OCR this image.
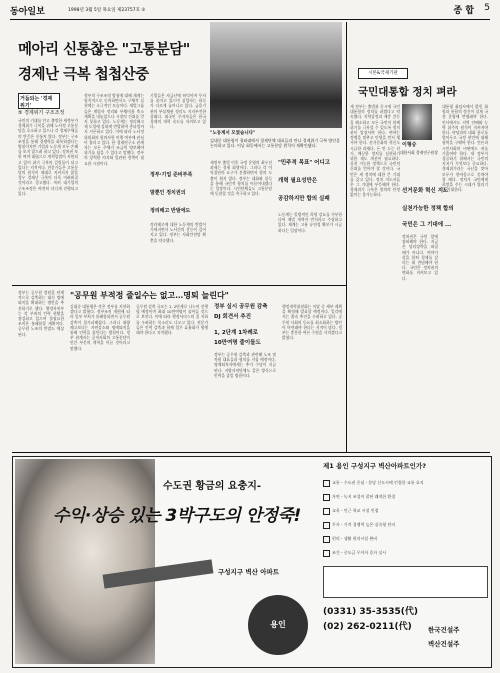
동아일보	1998년 3월 5일 목요일 제23757호 ⑤	종 합 5
메아리 신통찮은 "고통분담"
경제난 극복 첩첩산중
거듭되는 '경제 위기'
⑤ 경제위기 구조조정
국민의 기대를 안고 출범한 새정부가 경제위기 극복을 위해 노사정 고통분담을 호소하고 있으나 각 경제주체들의 반응은 신통치 않다. 정부는 구조조정을 통해 경쟁력을 회복하겠다는 방침이지만 기업과 노동계 모두 손해를 보지 않으려 하고 있다. 정치권 또한 여야 대립으로 개혁입법이 지연되고 있어 위기 극복의 걸림돌이 되고 있다는 지적이다. 전문가들은 고통분담의 원칙이 제대로 지켜지지 않을 경우 경제난 극복이 더욱 어려워질 것이라고 경고했다. 특히 대기업의 구조조정은 여전히 더디게 진행되고 있다.
정부의 구조조정 방침에 대해 재계는 원칙적으로 동의하면서도 구체적 실천에는 소극적인 모습이다. 재벌그룹들은 계열사 정리와 부채비율 축소 계획을 내놓았으나 시장의 신뢰를 얻지 못하고 있다. 노동계는 정리해고제 도입에 강하게 반발하며 총파업까지 거론하고 있다. 이에 따라 노사정위원회의 합의사항 이행 여부에 관심이 쏠리고 있다. 한 경제연구소 관계자는 모든 주체가 조금씩 양보해야 위기를 넘을 수 있다고 말했다. 정부의 강력한 의지와 일관된 정책이 필요한 시점이다.
기업들은 자금난에 허덕이며 투자를 줄이고 있으며 실업자는 하루가 다르게 늘어나고 있다. 금융기관의 부실채권 정리도 지지부진한 상태다. 외국인 투자자들은 한국 경제의 개혁 속도를 지켜보고 있다.
정부·기업 준비부족
말뿐인 정치권의
정리해고 반발에도
정리해고에 대한 노동계의 반발이 거세지면서 노사간의 갈등이 깊어지고 있다. 정부는 사회안전망 확충을 약속했다.
"노동계서 모였습니다"
김대중 대통령이 청와대에서 경제단체 대표들과 만나 경제위기 극복 방안을 논의하고 있다. 이날 회동에서는 고통분담 원칙이 재확인됐다.
새정부 출범 이후 국정 운영의 최우선 과제는 경제 회생이다. 그러나 각 이익집단의 요구가 분출하면서 합의 도출이 쉽지 않다. 정부는 대화와 설득을 통해 국민적 합의를 이끌어내겠다는 입장이다. 시민단체들도 고통분담에 동참할 것을 촉구하고 있다.
"민주적 목표" 어디고
개혁 필요성만은
공감하지만 합의 실패
노동계는 일방적인 희생 강요를 거부한다며 재벌 개혁이 먼저라고 주장하고 있다. 재계는 고용 유연성 확보가 시급하다는 입장이다.
"공무원 부적정 줄일수는 없고…명퇴 늘린다"
정부는 공무원 정원을 단계적으로 감축하는 대신 명예퇴직을 확대하는 방안을 추진하기로 했다. 행정자치부는 각 부처의 인력 현황을 점검하고 있으며 불필요한 조직은 통폐합할 계획이다. 공무원 노조의 반발도 예상된다.
김대중 대통령은 작은 정부를 지향하겠다고 밝혔다. 정부조직 개편에 따라 일부 부처가 통폐합되면서 공무원 감축이 불가피해졌다. 그러나 대량 해고보다는 자연감소와 명예퇴직을 통해 인력을 줄인다는 방침이다. 정부 관계자는 공직사회의 고통분담이 민간 부문의 개혁을 이끌 것이라고 말했다.
공무원 감축 규모는 1, 2단계로 나누어 진행될 예정이며 최대 10만여명이 줄어들 것으로 보인다. 이에 따라 행정서비스의 질 저하를 우려하는 목소리도 나오고 있다. 전문가들은 인력 감축과 함께 업무 효율화가 병행돼야 한다고 지적했다.
정부 실시 공무원 감축
DJ 회견서 추진
1, 2단계 1차례로
10만여명 줄이들도
정부는 공무원 감축과 관련해 노조 및 직원 대표들과 협의를 거칠 예정이다. 명예퇴직자에게는 추가 수당이 지급된다. 지방자치단체도 같은 방식으로 인력을 줄일 방침이다.
행정개혁위원회는 이달 중 세부 계획을 확정해 발표할 예정이다. 일각에서는 졸속 추진을 우려하고 있다. 공무원 사회의 동요를 최소화하는 방안이 마련돼야 한다는 지적이 많다. 정부는 충분한 여론 수렴을 거치겠다고 밝혔다.
시론&국제기관
국민대통합 정치 펴라
새 정부는 출범과 동시에 국민대통합의 정치를 펴겠다고 약속했다. 지역감정과 계층 갈등을 해소하고 모든 국민이 함께 위기를 극복할 수 있도록 정치권이 앞장서야 한다. 여야는 정쟁을 멈추고 민생을 먼저 챙겨야 한다. 선거문화의 혁신도 시급한 과제다. 돈 안 드는 선거, 깨끗한 정치를 실현하기 위한 제도 개선이 필요하다. 실천 가능한 정책으로 국민의 신뢰를 얻어야 할 것이다. 국민은 새 정치에 대한 큰 기대를 갖고 있다. 정치 지도자들은 그 기대에 부응해야 한다. 경제위기 극복은 정치의 안정 없이는 불가능하다.
이형승
대한사회 경제연구원장
선거문화 혁신 지도
실천가능한 정책 합의
국민은 그 기대에 ...
정치권은 국민 앞에 겸허해야 한다. 지금은 당리당략을 따질 때가 아니다. 여야가 힘을 합쳐 경제를 살리는 데 전념해야 한다. 국민은 정치권의 변화를 지켜보고 있다.
대통령 취임사에서 밝힌 화합과 통합의 정신이 실제 국정 운영에 반영돼야 한다. 인사에서도 지역 안배와 능력 위주의 원칙이 지켜져야 한다. 야당과의 대화 통로를 열어두고 국정 현안에 대해 협력을 구해야 한다. 언론과 시민사회의 비판에도 귀를 기울여야 한다. 새 정부가 성공하기 위해서는 국민의 지지가 무엇보다 중요하다. 경제위기라는 국난을 맞아 모두가 한마음으로 뭉쳐야 할 때다. 정치가 국민에게 희망을 주는 시대가 열리기를 기대한다.
수도권 황금의 요충지-
수익·상승 있는 3박구도의 안정죽!
구성지구 벽산 아파트
용인
제1 용인 구성지구 벽산아파트인가?
교통 - 수도권 중심 - 분당 신도시에 인접한 교통 요지
자연 - 녹지 조성이 잘된 쾌적한 환경
교육 - 인근 학교 시설 인접
투자 - 가격 경쟁력 높은 실속형 단지
편의 - 생활 편의시설 완비
조건 - 중도금 무이자 융자 실시
(0331) 35-3535(代)
(02) 262-0211(代)	한국건설주
벽산건설주
